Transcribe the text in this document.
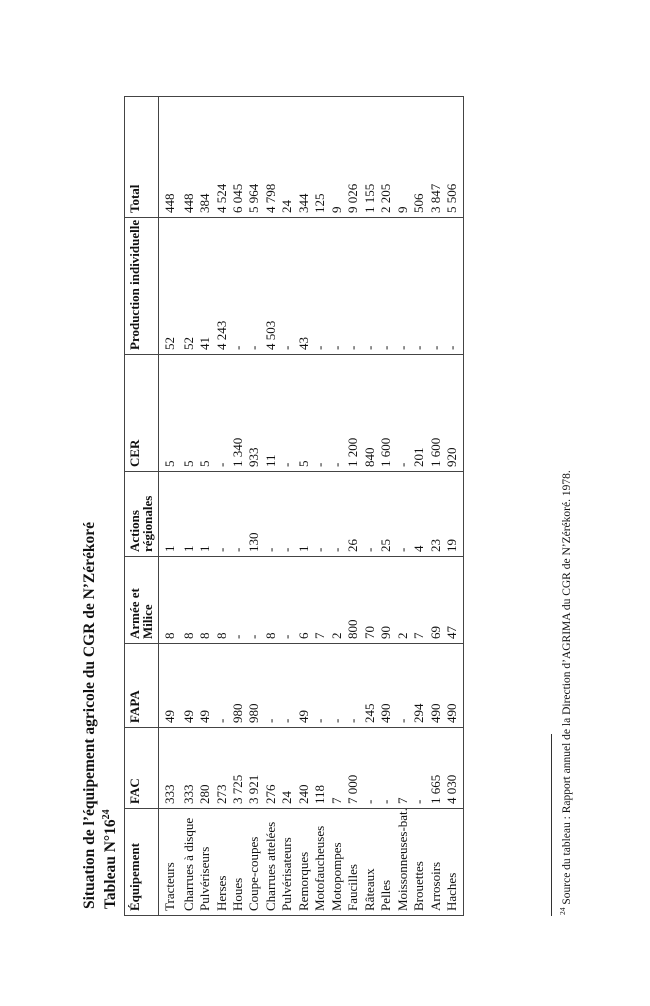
Situation de l’équipement agricole du CGR de N’Zérékoré Tableau $N^\circ 16^{24}$
Équipement	FAC	FAPA	Armée et Milice	Actions régionales	CER	Production individuelle	Total
Tracteurs	333	49	8	1	5	52	448
Charrues à disque	333	49	8	1	5	52	448
Pulvériseurs	280	49	8	1	5	41	384
Herses	273	-	8	-	-	4 243	4 524
Houes	3 725	980	-	-	1 340	-	6 045
Coupe-coupes	3 921	980	-	130	933	-	5 964
Charrues attelées	276	-	8	-	11	4 503	4 798
Pulvérisateurs	24	-	-	-	-	-	24
Remorques	240	49	6	1	5	43	344
Motofaucheuses	118	-	7	-	-	-	125
Motopompes	7	-	2	-	-	-	9
Faucilles	7 000	-	800	26	1 200	-	9 026
Râteaux	-	245	70	-	840	-	1 155
Pelles	-	490	90	25	1 600	-	2 205
Moissonneuses-bat.	7	-	2	-	-	-	9
Brouettes	-	294	7	4	201	-	506
Arrosoirs	1 665	490	69	23	1 600	-	3 847
Haches	4 030	490	47	19	920	-	5 506
$^{24}$ Source du tableau : Rapport annuel de la Direction d’AGRIMA du CGR de N’Zérékoré. 1978.
